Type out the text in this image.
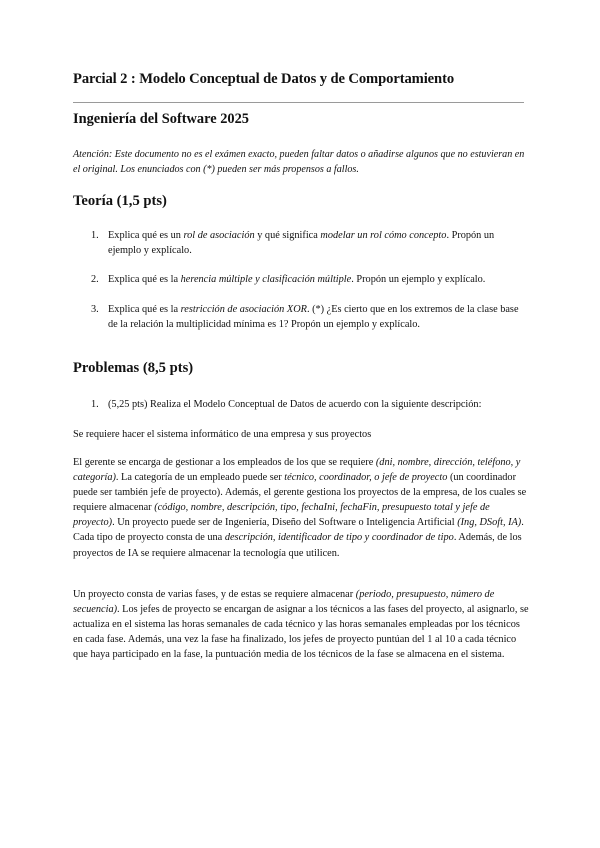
Parcial 2 : Modelo Conceptual de Datos y de Comportamiento
Ingeniería del Software 2025
Atención: Este documento no es el exámen exacto, pueden faltar datos o añadirse algunos que no estuvieran en el original. Los enunciados con (*) pueden ser más propensos a fallos.
Teoría (1,5 pts)
1. Explica qué es un rol de asociación y qué significa modelar un rol cómo concepto. Propón un ejemplo y explícalo.
2. Explica qué es la herencia múltiple y clasificación múltiple. Propón un ejemplo y explícalo.
3. Explica qué es la restricción de asociación XOR. (*) ¿Es cierto que en los extremos de la clase base de la relación la multiplicidad mínima es 1? Propón un ejemplo y explícalo.
Problemas (8,5 pts)
1. (5,25 pts) Realiza el Modelo Conceptual de Datos de acuerdo con la siguiente descripción:
Se requiere hacer el sistema informático de una empresa y sus proyectos
El gerente se encarga de gestionar a los empleados de los que se requiere (dni, nombre, dirección, teléfono, y categoría). La categoría de un empleado puede ser técnico, coordinador, o jefe de proyecto (un coordinador puede ser también jefe de proyecto). Además, el gerente gestiona los proyectos de la empresa, de los cuales se requiere almacenar (código, nombre, descripción, tipo, fechaIni, fechaFin, presupuesto total y jefe de proyecto). Un proyecto puede ser de Ingeniería, Diseño del Software o Inteligencia Artificial (Ing, DSoft, IA). Cada tipo de proyecto consta de una descripción, identificador de tipo y coordinador de tipo. Además, de los proyectos de IA se requiere almacenar la tecnología que utilicen.
Un proyecto consta de varias fases, y de estas se requiere almacenar (periodo, presupuesto, número de secuencia). Los jefes de proyecto se encargan de asignar a los técnicos a las fases del proyecto, al asignarlo, se actualiza en el sistema las horas semanales de cada técnico y las horas semanales empleadas por los técnicos en cada fase. Además, una vez la fase ha finalizado, los jefes de proyecto puntúan del 1 al 10 a cada técnico que haya participado en la fase, la puntuación media de los técnicos de la fase se almacena en el sistema.
